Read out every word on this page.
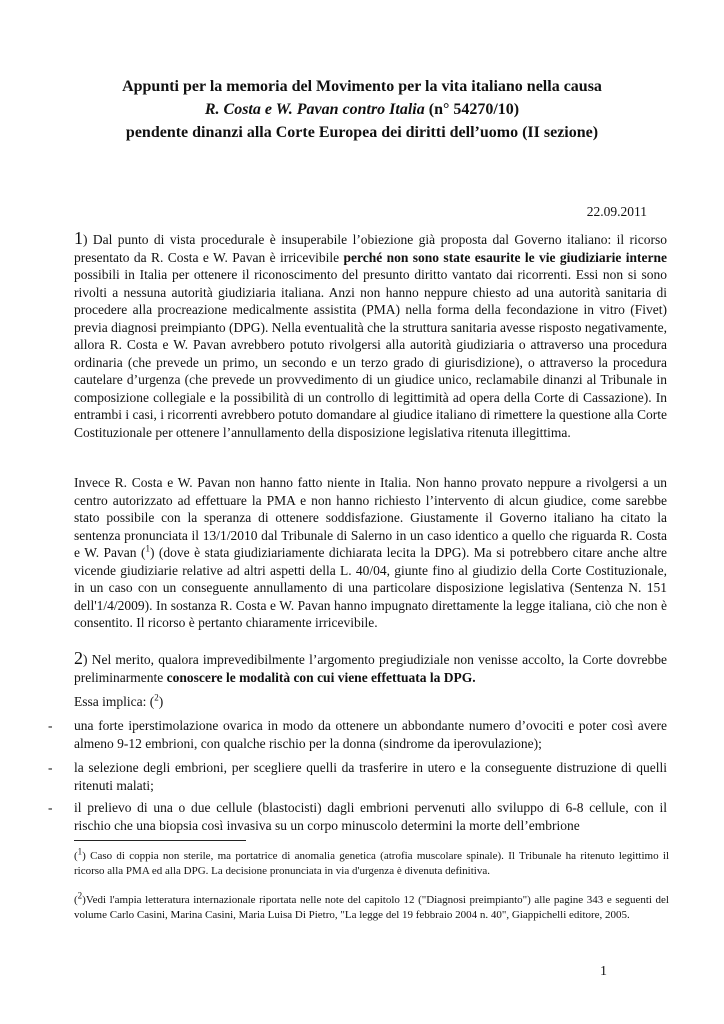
Appunti per la memoria del Movimento per la vita italiano nella causa
R. Costa e W. Pavan contro Italia (n° 54270/10)
pendente dinanzi alla Corte Europea dei diritti dell’uomo (II sezione)
22.09.2011

1) Dal punto di vista procedurale è insuperabile l’obiezione già proposta dal Governo italiano: il ricorso presentato da R. Costa e W. Pavan è irricevibile perché non sono state esaurite le vie giudiziarie interne possibili in Italia per ottenere il riconoscimento del presunto diritto vantato dai ricorrenti. Essi non si sono rivolti a nessuna autorità giudiziaria italiana. Anzi non hanno neppure chiesto ad una autorità sanitaria di procedere alla procreazione medicalmente assistita (PMA) nella forma della fecondazione in vitro (Fivet) previa diagnosi preimpianto (DPG). Nella eventualità che la struttura sanitaria avesse risposto negativamente, allora R. Costa e W. Pavan avrebbero potuto rivolgersi alla autorità giudiziaria o attraverso una procedura ordinaria (che prevede un primo, un secondo e un terzo grado di giurisdizione), o attraverso la procedura cautelare d’urgenza (che prevede un provvedimento di un giudice unico, reclamabile dinanzi al Tribunale in composizione collegiale e la possibilità di un controllo di legittimità ad opera della Corte di Cassazione). In entrambi i casi, i ricorrenti avrebbero potuto domandare al giudice italiano di rimettere la questione alla Corte Costituzionale per ottenere l’annullamento della disposizione legislativa ritenuta illegittima.

Invece R. Costa e W. Pavan non hanno fatto niente in Italia. Non hanno provato neppure a rivolgersi a un centro autorizzato ad effettuare la PMA e non hanno richiesto l’intervento di alcun giudice, come sarebbe stato possibile con la speranza di ottenere soddisfazione. Giustamente il Governo italiano ha citato la sentenza pronunciata il 13/1/2010 dal Tribunale di Salerno in un caso identico a quello che riguarda R. Costa e W. Pavan ($^1$) (dove è stata giudiziariamente dichiarata lecita la DPG). Ma si potrebbero citare anche altre vicende giudiziarie relative ad altri aspetti della L. 40/04, giunte fino al giudizio della Corte Costituzionale, in un caso con un conseguente annullamento di una particolare disposizione legislativa (Sentenza N. 151 dell'1/4/2009). In sostanza R. Costa e W. Pavan hanno impugnato direttamente la legge italiana, ciò che non è consentito. Il ricorso è pertanto chiaramente irricevibile.

2) Nel merito, qualora imprevedibilmente l’argomento pregiudiziale non venisse accolto, la Corte dovrebbe preliminarmente conoscere le modalità con cui viene effettuata la DPG.

Essa implica: ($^2$)

- una forte iperstimolazione ovarica in modo da ottenere un abbondante numero d’ovociti e poter così avere almeno 9-12 embrioni, con qualche rischio per la donna (sindrome da iperovulazione);
- la selezione degli embrioni, per scegliere quelli da trasferire in utero e la conseguente distruzione di quelli ritenuti malati;
- il prelievo di una o due cellule (blastocisti) dagli embrioni pervenuti allo sviluppo di 6-8 cellule, con il rischio che una biopsia così invasiva su un corpo minuscolo determini la morte dell’embrione
($^1$) Caso di coppia non sterile, ma portatrice di anomalia genetica (atrofia muscolare spinale). Il Tribunale ha ritenuto legittimo il ricorso alla PMA ed alla DPG. La decisione pronunciata in via d'urgenza è divenuta definitiva.
($^2$)Vedi l'ampia letteratura internazionale riportata nelle note del capitolo 12 ("Diagnosi preimpianto") alle pagine 343 e seguenti del volume Carlo Casini, Marina Casini, Maria Luisa Di Pietro, "La legge del 19 febbraio 2004 n. 40", Giappichelli editore, 2005.
1
